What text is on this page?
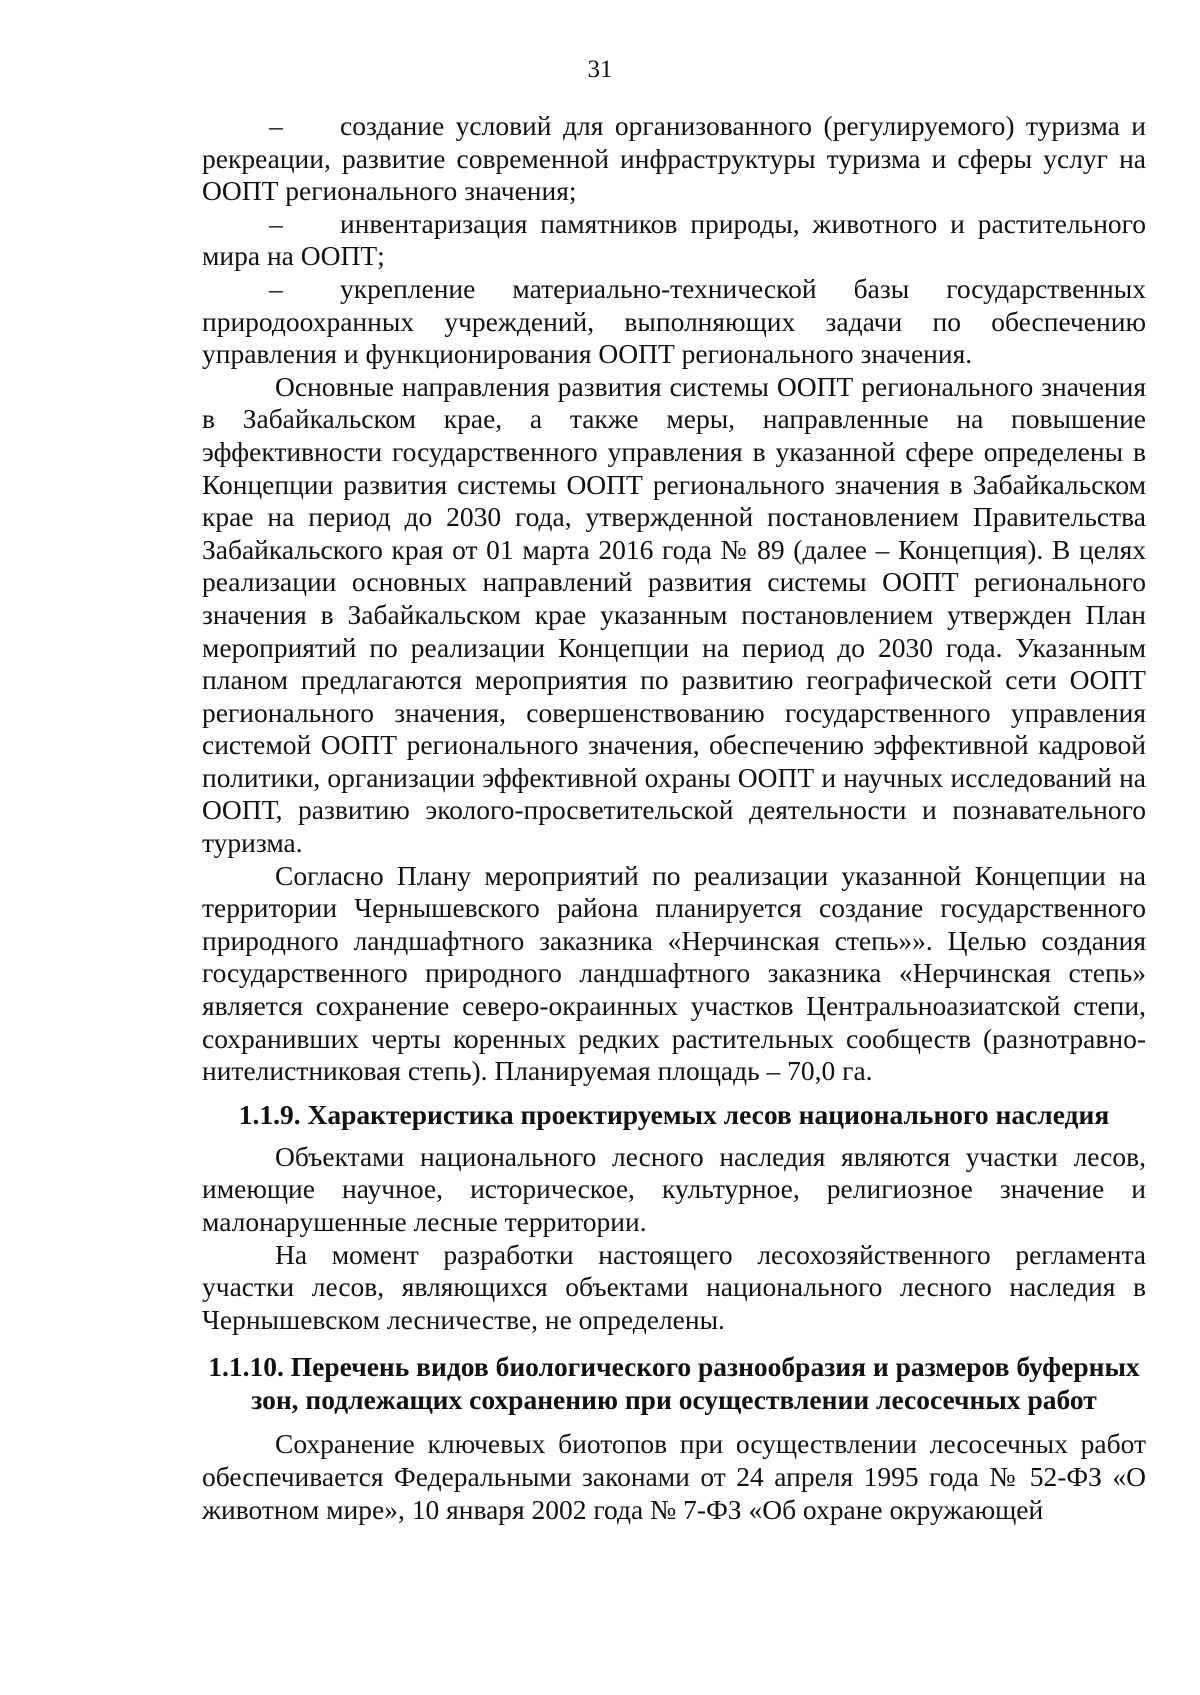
31

– создание условий для организованного (регулируемого) туризма и рекреации, развитие современной инфраструктуры туризма и сферы услуг на ООПТ регионального значения;

– инвентаризация памятников природы, животного и растительного мира на ООПТ;

– укрепление материально-технической базы государственных природоохранных учреждений, выполняющих задачи по обеспечению управления и функционирования ООПТ регионального значения.

Основные направления развития системы ООПТ регионального значения в Забайкальском крае, а также меры, направленные на повышение эффективности государственного управления в указанной сфере определены в Концепции развития системы ООПТ регионального значения в Забайкальском крае на период до 2030 года, утвержденной постановлением Правительства Забайкальского края от 01 марта 2016 года № 89 (далее – Концепция). В целях реализации основных направлений развития системы ООПТ регионального значения в Забайкальском крае указанным постановлением утвержден План мероприятий по реализации Концепции на период до 2030 года. Указанным планом предлагаются мероприятия по развитию географической сети ООПТ регионального значения, совершенствованию государственного управления системой ООПТ регионального значения, обеспечению эффективной кадровой политики, организации эффективной охраны ООПТ и научных исследований на ООПТ, развитию эколого-просветительской деятельности и познавательного туризма.

Согласно Плану мероприятий по реализации указанной Концепции на территории Чернышевского района планируется создание государственного природного ландшафтного заказника «Нерчинская степь»». Целью создания государственного природного ландшафтного заказника «Нерчинская степь» является сохранение северо-окраинных участков Центральноазиатской степи, сохранивших черты коренных редких растительных сообществ (разнотравно-нителистниковая степь). Планируемая площадь – 70,0 га.

1.1.9. Характеристика проектируемых лесов национального наследия

Объектами национального лесного наследия являются участки лесов, имеющие научное, историческое, культурное, религиозное значение и малонарушенные лесные территории.

На момент разработки настоящего лесохозяйственного регламента участки лесов, являющихся объектами национального лесного наследия в Чернышевском лесничестве, не определены.

1.1.10. Перечень видов биологического разнообразия и размеров буферных зон, подлежащих сохранению при осуществлении лесосечных работ

Сохранение ключевых биотопов при осуществлении лесосечных работ обеспечивается Федеральными законами от 24 апреля 1995 года № 52-ФЗ «О животном мире», 10 января 2002 года № 7-ФЗ «Об охране окружающей
